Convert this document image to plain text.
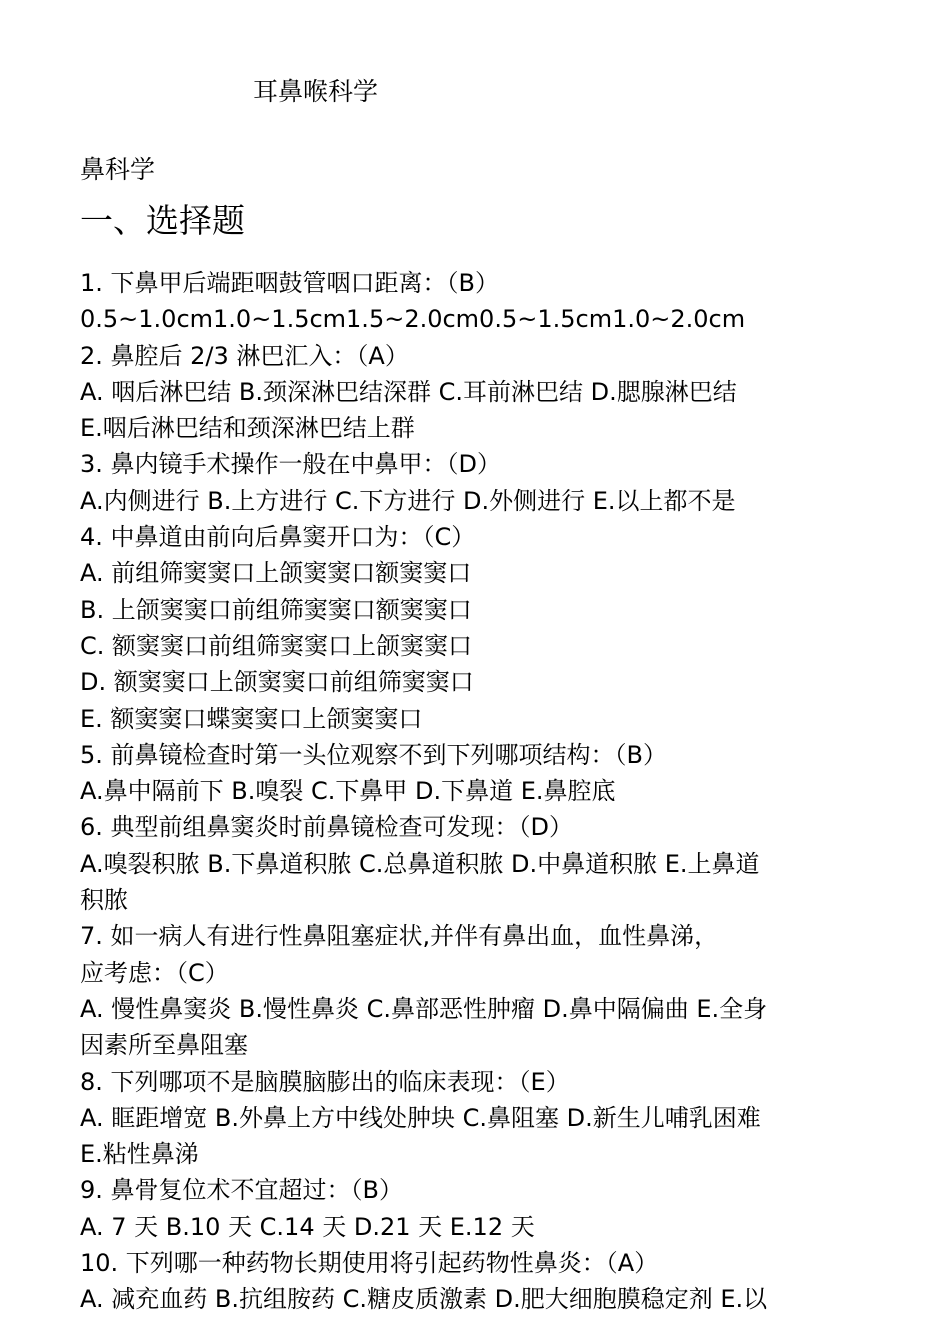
耳鼻喉科学
鼻科学
一、选择题
1. 下鼻甲后端距咽鼓管咽口距离：（B）
0.5~1.0cm1.0~1.5cm1.5~2.0cm0.5~1.5cm1.0~2.0cm
2. 鼻腔后 2/3 淋巴汇入：（A）
A. 咽后淋巴结 B.颈深淋巴结深群 C.耳前淋巴结 D.腮腺淋巴结
E.咽后淋巴结和颈深淋巴结上群
3. 鼻内镜手术操作一般在中鼻甲：（D）
A.内侧进行 B.上方进行 C.下方进行 D.外侧进行 E.以上都不是
4. 中鼻道由前向后鼻窦开口为：（C）
A. 前组筛窦窦口上颌窦窦口额窦窦口
B. 上颌窦窦口前组筛窦窦口额窦窦口
C. 额窦窦口前组筛窦窦口上颌窦窦口
D. 额窦窦口上颌窦窦口前组筛窦窦口
E. 额窦窦口蝶窦窦口上颌窦窦口
5. 前鼻镜检查时第一头位观察不到下列哪项结构：（B）
A.鼻中隔前下 B.嗅裂 C.下鼻甲 D.下鼻道 E.鼻腔底
6. 典型前组鼻窦炎时前鼻镜检查可发现：（D）
A.嗅裂积脓 B.下鼻道积脓 C.总鼻道积脓 D.中鼻道积脓 E.上鼻道
积脓
7. 如一病人有进行性鼻阻塞症状,并伴有鼻出血，血性鼻涕，
应考虑：（C）
A. 慢性鼻窦炎 B.慢性鼻炎 C.鼻部恶性肿瘤 D.鼻中隔偏曲 E.全身
因素所至鼻阻塞
8. 下列哪项不是脑膜脑膨出的临床表现：（E）
A. 眶距增宽 B.外鼻上方中线处肿块 C.鼻阻塞 D.新生儿哺乳困难
E.粘性鼻涕
9. 鼻骨复位术不宜超过：（B）
A. 7 天 B.10 天 C.14 天 D.21 天 E.12 天
10. 下列哪一种药物长期使用将引起药物性鼻炎：（A）
A. 减充血药 B.抗组胺药 C.糖皮质激素 D.肥大细胞膜稳定剂 E.以
